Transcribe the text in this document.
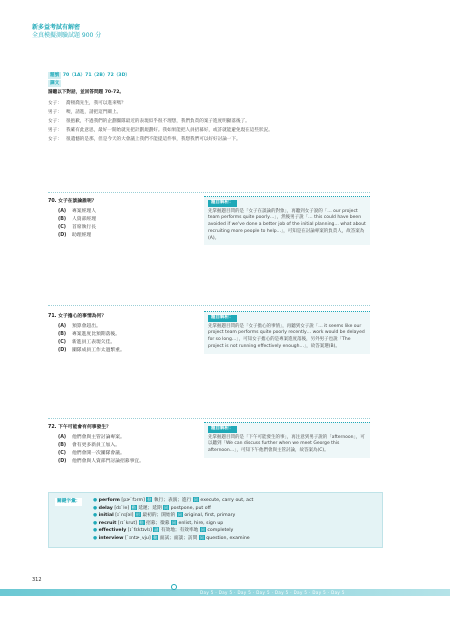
新多益考試有解密
全真模擬測驗試題 900 分
題號 70（1A）71（2B）72（3D）
譯文
請聽以下對話，並回答問題 70-72。
女子： 喬頓喬先生，我可以進來嗎？
男子： 噢，請進，請把這門關上。
女子： 很抱歉，不過我們的企劃團隊最近的表現似乎很不理想，我們負責的案子進度明顯落後了。
男子： 我確有此意思，最好一開始就先把計劃規劃好。我如果能把人員招募好，或許就能避免現在這些狀況。
女子： 很遺憾的是那，但是今天的大會議上我們不能提這件事，我想我們可以好好討論一下。
70. 女子在談論誰呢？
(A)	專案經理人
(B)	人資部經理
(C)	首席執行長
(D)	助理經理
題目解析：
先掌握題目問的是「女子在談論的對象」，再聽到女子說的「… our project team performs quite poorly…」，然後男子說「… this could have been avoided if we've done a better job of the initial planning… what about recruiting more people to help…」，可知是在討論專案的負責人，故答案為(A)。
71. 女子擔心的事情為何？
(A)	預算會超出。
(B)	專案進度比預期落後。
(C)	新進員工表現欠佳。
(D)	團隊成員工作太過繁重。
題目解析：
先掌握題目問的是「女子擔心的事情」，再聽到女子說「… it seems like our project team performs quite poorly recently… work would be delayed for so long…」，可知女子擔心的是專案進度落後，另外男子也說「The project is not running effectively enough…」，故答案選(B)。
72. 下午可能會有何事發生？
(A)	他們會與主管討論專案。
(B)	會有更多新員工加入。
(C)	他們會開一次團隊會議。
(D)	他們會與人資部門討論招募事宜。
題目解析：
先掌握題目問的是「下午可能發生的事」，再注意到男子說的「afternoon」，可以聽到「We can discuss further when we meet George this afternoon…」，可知下午他們會與主管討論，故答案為(C)。
關鍵字彙：	● perform [pɚˋfɔrm] 動 執行；表演；進行 同 execute, carry out, act
● delay [dɪˋle] 動 延遲；延期 同 postpone, put off
● initial [ɪˋnɪʃəl] 形 最初的；開始的 同 original, first, primary
● recruit [rɪˋkrut] 動 招募；徵募 同 enlist, hire, sign up
● effectively [ɪˋfɛktɪvlɪ] 副 有效地；有效率地 同 completely
● interview [ˋɪntɚˏvju] 動 面試；面談；訪問 同 question, examine
312
Day 5 · Day 5 · Day 5 · Day 5 · Day 5 · Day 5 · Day 5 · Day 5
